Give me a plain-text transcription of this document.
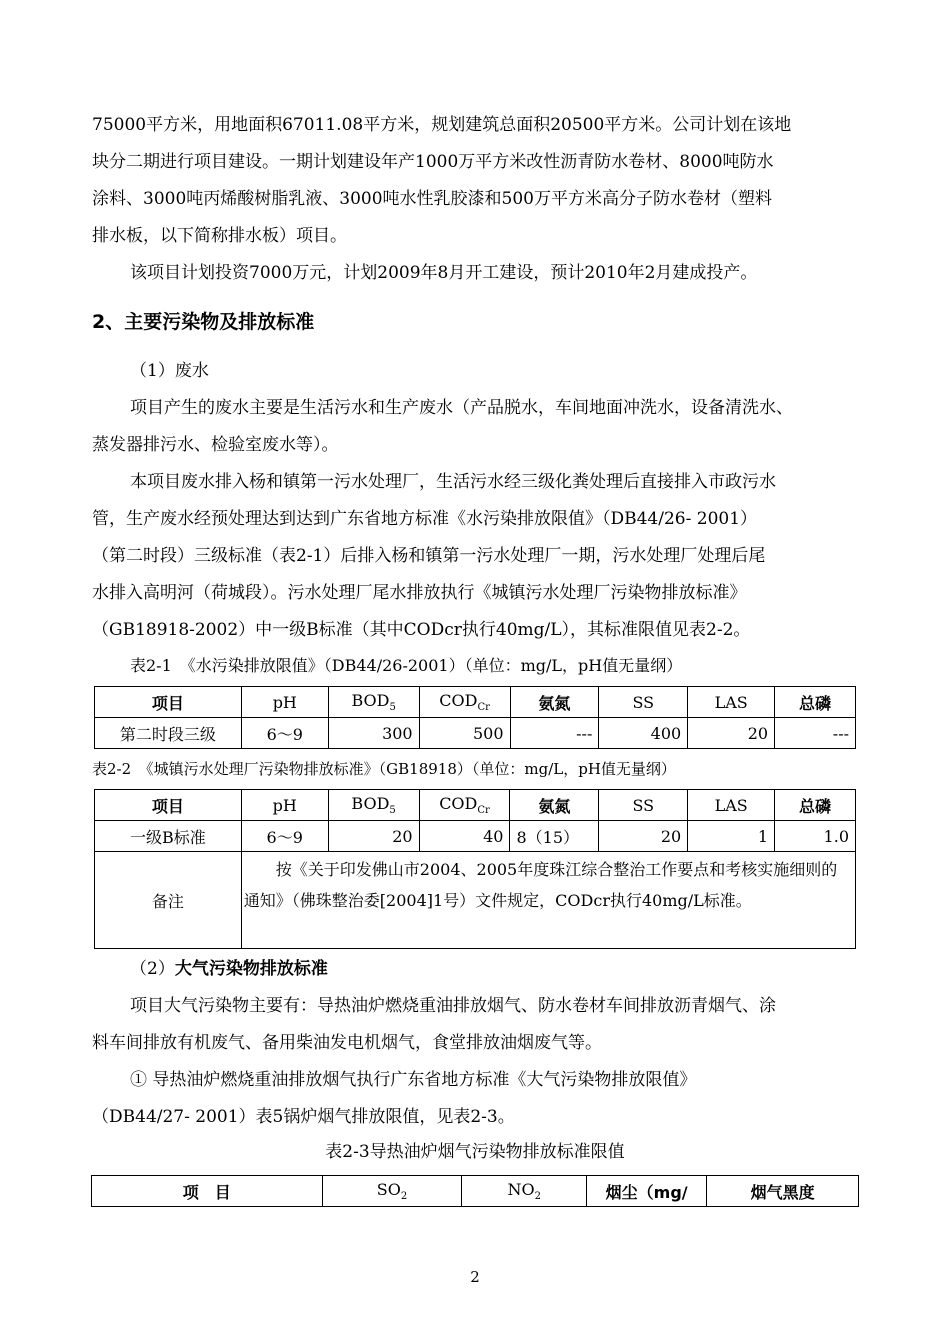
75000平方米，用地面积67011.08平方米，规划建筑总面积20500平方米。公司计划在该地
块分二期进行项目建设。一期计划建设年产1000万平方米改性沥青防水卷材、8000吨防水
涂料、3000吨丙烯酸树脂乳液、3000吨水性乳胶漆和500万平方米高分子防水卷材（塑料
排水板，以下简称排水板）项目。
该项目计划投资7000万元，计划2009年8月开工建设，预计2010年2月建成投产。
2、主要污染物及排放标准
（1）废水
项目产生的废水主要是生活污水和生产废水（产品脱水，车间地面冲洗水，设备清洗水、
蒸发器排污水、检验室废水等）。
本项目废水排入杨和镇第一污水处理厂，生活污水经三级化粪处理后直接排入市政污水
管，生产废水经预处理达到达到广东省地方标准《水污染排放限值》（DB44/26- 2001）
（第二时段）三级标准（表2-1）后排入杨和镇第一污水处理厂一期，污水处理厂处理后尾
水排入高明河（荷城段）。污水处理厂尾水排放执行《城镇污水处理厂污染物排放标准》
（GB18918-2002）中一级B标准（其中CODcr执行40mg/L），其标准限值见表2-2。
表2-1　《水污染排放限值》（DB44/26-2001）（单位：mg/L，pH值无量纲）
项目	pH	$BOD_5$	$COD_{Cr}$	氨氮	SS	LAS	总磷
第二时段三级	6～9	300	500	---	400	20	---
表2-2　《城镇污水处理厂污染物排放标准》（GB18918）（单位：mg/L，pH值无量纲）
项目	pH	$BOD_5$	$COD_{Cr}$	氨氮	SS	LAS	总磷
一级B标准	6～9	20	40	8（15）	20	1	1.0
备注	　　按《关于印发佛山市2004、2005年度珠江综合整治工作要点和考核实施细则的通知》（佛珠整治委[2004]1号）文件规定，CODcr执行40mg/L标准。						
（2）大气污染物排放标准
项目大气污染物主要有：导热油炉燃烧重油排放烟气、防水卷材车间排放沥青烟气、涂
料车间排放有机废气、备用柴油发电机烟气，食堂排放油烟废气等。
① 导热油炉燃烧重油排放烟气执行广东省地方标准《大气污染物排放限值》
（DB44/27- 2001）表5锅炉烟气排放限值，见表2-3。
表2-3导热油炉烟气污染物排放标准限值
项　目	$SO_2$	$NO_2$	烟尘（mg/	烟气黑度
2
